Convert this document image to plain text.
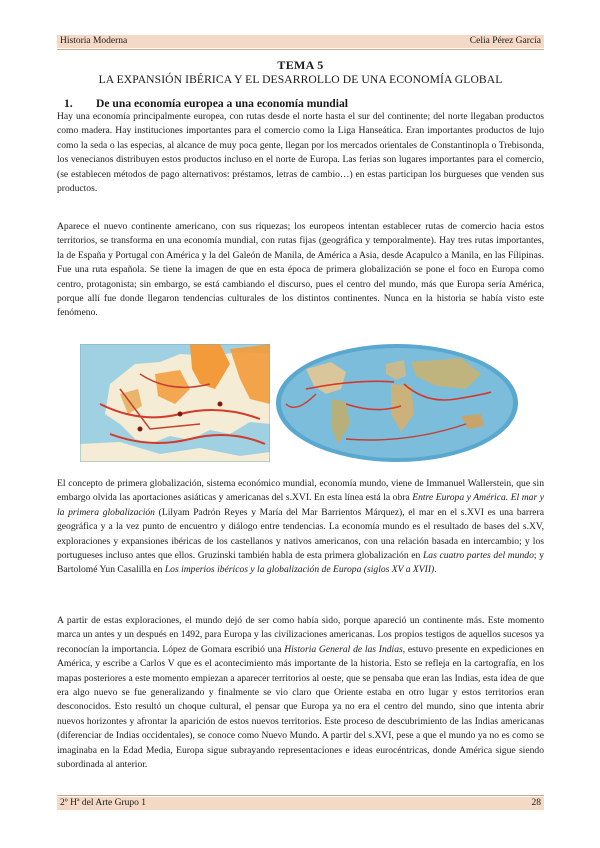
Historia Moderna	Celia Pérez García
TEMA 5
LA EXPANSIÓN IBÉRICA Y EL DESARROLLO DE UNA ECONOMÍA GLOBAL
1. De una economía europea a una economía mundial

Hay una economía principalmente europea, con rutas desde el norte hasta el sur del continente; del norte llegaban productos como madera. Hay instituciones importantes para el comercio como la Liga Hanseática. Eran importantes productos de lujo como la seda o las especias, al alcance de muy poca gente, llegan por los mercados orientales de Constantinopla o Trebisonda, los venecianos distribuyen estos productos incluso en el norte de Europa. Las ferias son lugares importantes para el comercio, (se establecen métodos de pago alternativos: préstamos, letras de cambio…) en estas participan los burgueses que venden sus productos.

Aparece el nuevo continente americano, con sus riquezas; los europeos intentan establecer rutas de comercio hacia estos territorios, se transforma en una economía mundial, con rutas fijas (geográfica y temporalmente). Hay tres rutas importantes, la de España y Portugal con América y la del Galeón de Manila, de América a Asia, desde Acapulco a Manila, en las Filipinas. Fue una ruta española. Se tiene la imagen de que en esta época de primera globalización se pone el foco en Europa como centro, protagonista; sin embargo, se está cambiando el discurso, pues el centro del mundo, más que Europa sería América, porque allí fue donde llegaron tendencias culturales de los distintos continentes. Nunca en la historia se había visto este fenómeno.

El concepto de primera globalización, sistema económico mundial, economía mundo, viene de Immanuel Wallerstein, que sin embargo olvida las aportaciones asiáticas y americanas del s.XVI. En esta línea está la obra Entre Europa y América. El mar y la primera globalización (Lilyam Padrón Reyes y María del Mar Barrientos Márquez), el mar en el s.XVI es una barrera geográfica y a la vez punto de encuentro y diálogo entre tendencias. La economía mundo es el resultado de bases del s.XV, exploraciones y expansiones ibéricas de los castellanos y nativos americanos, con una relación basada en intercambio; y los portugueses incluso antes que ellos. Gruzinski también habla de esta primera globalización en Las cuatro partes del mundo; y Bartolomé Yun Casalilla en Los imperios ibéricos y la globalización de Europa (siglos XV a XVII).

A partir de estas exploraciones, el mundo dejó de ser como había sido, porque apareció un continente más. Este momento marca un antes y un después en 1492, para Europa y las civilizaciones americanas. Los propios testigos de aquellos sucesos ya reconocían la importancia. López de Gomara escribió una Historia General de las Indias, estuvo presente en expediciones en América, y escribe a Carlos V que es el acontecimiento más importante de la historia. Esto se refleja en la cartografía, en los mapas posteriores a este momento empiezan a aparecer territorios al oeste, que se pensaba que eran las Indias, esta idea de que era algo nuevo se fue generalizando y finalmente se vio claro que Oriente estaba en otro lugar y estos territorios eran desconocidos. Esto resultó un choque cultural, el pensar que Europa ya no era el centro del mundo, sino que intenta abrir nuevos horizontes y afrontar la aparición de estos nuevos territorios. Este proceso de descubrimiento de las Indias americanas (diferenciar de Indias occidentales), se conoce como Nuevo Mundo. A partir del s.XVI, pese a que el mundo ya no es como se imaginaba en la Edad Media, Europa sigue subrayando representaciones e ideas eurocéntricas, donde América sigue siendo subordinada al anterior.

2º Hª del Arte Grupo 1	28
